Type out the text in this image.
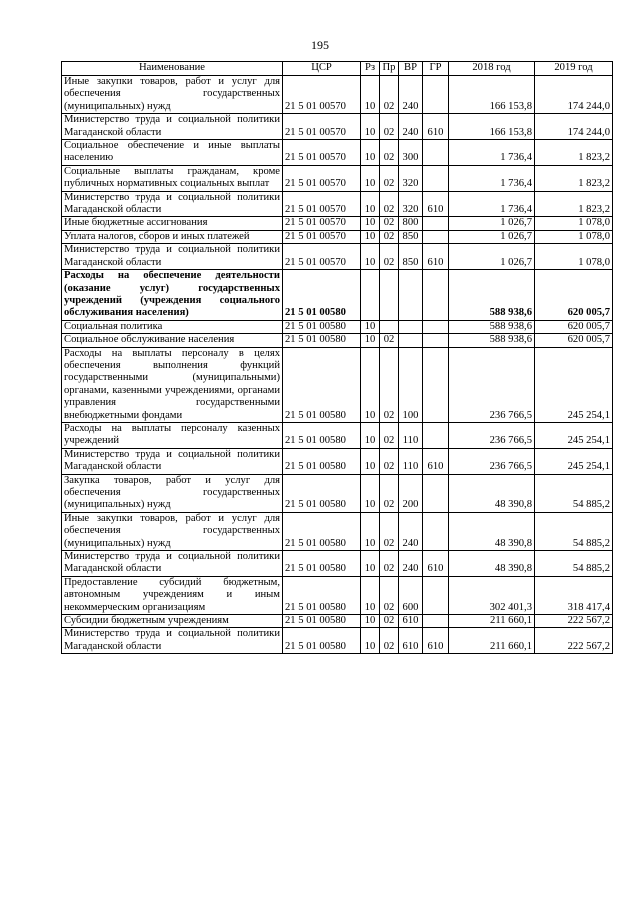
195
Наименование	ЦСР	Рз	Пр	ВР	ГР	2018 год	2019 год
Иные закупки товаров, работ и услуг для обеспечения государственных (муниципальных) нужд	21 5 01 00570	10	02	240		166 153,8	174 244,0
Министерство труда и социальной политики Магаданской области	21 5 01 00570	10	02	240	610	166 153,8	174 244,0
Социальное обеспечение и иные выплаты населению	21 5 01 00570	10	02	300		1 736,4	1 823,2
Социальные выплаты гражданам, кроме публичных нормативных социальных выплат	21 5 01 00570	10	02	320		1 736,4	1 823,2
Министерство труда и социальной политики Магаданской области	21 5 01 00570	10	02	320	610	1 736,4	1 823,2
Иные бюджетные ассигнования	21 5 01 00570	10	02	800		1 026,7	1 078,0
Уплата налогов, сборов и иных платежей	21 5 01 00570	10	02	850		1 026,7	1 078,0
Министерство труда и социальной политики Магаданской области	21 5 01 00570	10	02	850	610	1 026,7	1 078,0
Расходы на обеспечение деятельности (оказание услуг) государственных учреждений (учреждения социального обслуживания населения)	21 5 01 00580					588 938,6	620 005,7
Социальная политика	21 5 01 00580	10				588 938,6	620 005,7
Социальное обслуживание населения	21 5 01 00580	10	02			588 938,6	620 005,7
Расходы на выплаты персоналу в целях обеспечения выполнения функций государственными (муниципальными) органами, казенными учреждениями, органами управления государственными внебюджетными фондами	21 5 01 00580	10	02	100		236 766,5	245 254,1
Расходы на выплаты персоналу казенных учреждений	21 5 01 00580	10	02	110		236 766,5	245 254,1
Министерство труда и социальной политики Магаданской области	21 5 01 00580	10	02	110	610	236 766,5	245 254,1
Закупка товаров, работ и услуг для обеспечения государственных (муниципальных) нужд	21 5 01 00580	10	02	200		48 390,8	54 885,2
Иные закупки товаров, работ и услуг для обеспечения государственных (муниципальных) нужд	21 5 01 00580	10	02	240		48 390,8	54 885,2
Министерство труда и социальной политики Магаданской области	21 5 01 00580	10	02	240	610	48 390,8	54 885,2
Предоставление субсидий бюджетным, автономным учреждениям и иным некоммерческим организациям	21 5 01 00580	10	02	600		302 401,3	318 417,4
Субсидии бюджетным учреждениям	21 5 01 00580	10	02	610		211 660,1	222 567,2
Министерство труда и социальной политики Магаданской области	21 5 01 00580	10	02	610	610	211 660,1	222 567,2
